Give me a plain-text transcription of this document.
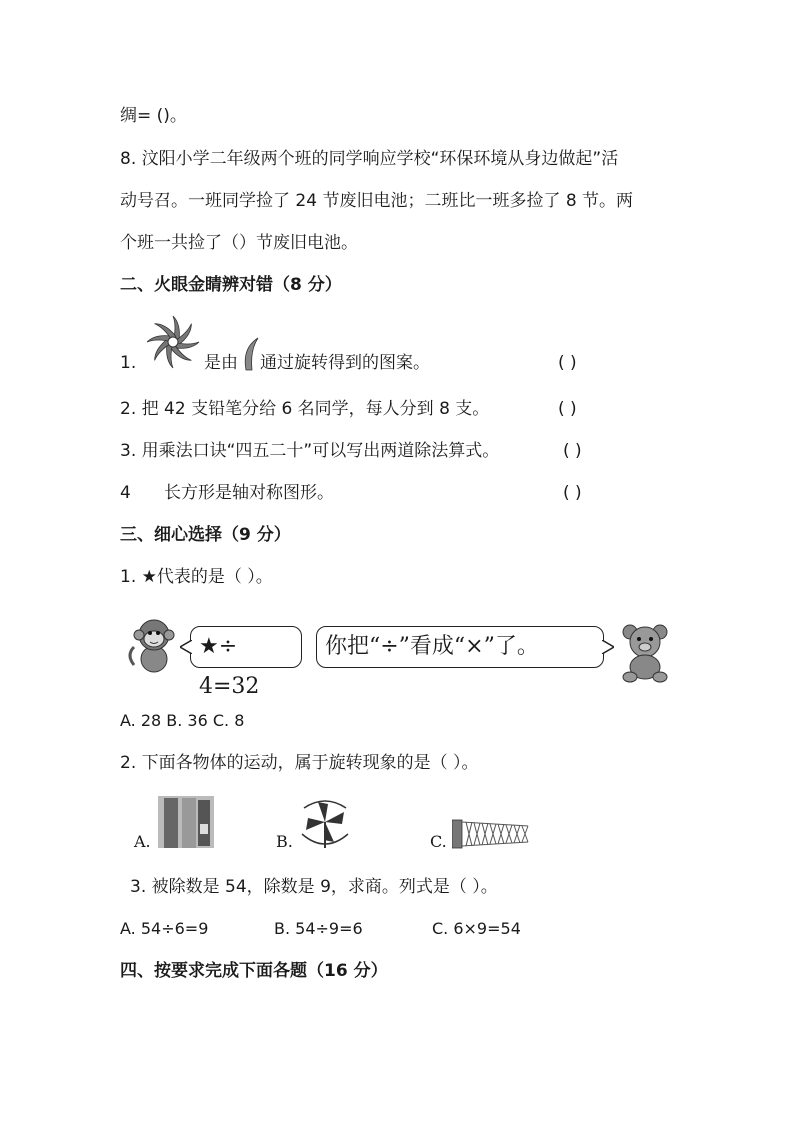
绸= ()。
8. 汶阳小学二年级两个班的同学响应学校“环保环境从身边做起”活
动号召。一班同学捡了 24 节废旧电池；二班比一班多捡了 8 节。两
个班一共捡了（）节废旧电池。
二、火眼金睛辨对错（8 分）
1.	是由 通过旋转得到的图案。	( )
2. 把 42 支铅笔分给 6 名同学，每人分到 8 支。	( )
3. 用乘法口诀“四五二十”可以写出两道除法算式。	( )
4 长方形是轴对称图形。	( )
三、细心选择（9 分）
1. ★代表的是（ ）。
★÷ 4=32
你把“÷”看成“×”了。
A. 28 B. 36 C. 8
2. 下面各物体的运动，属于旋转现象的是（ ）。
A.	B.	C.
3. 被除数是 54，除数是 9，求商。列式是（ ）。
A. 54÷6=9	B. 54÷9=6	C. 6×9=54
四、按要求完成下面各题（16 分）
